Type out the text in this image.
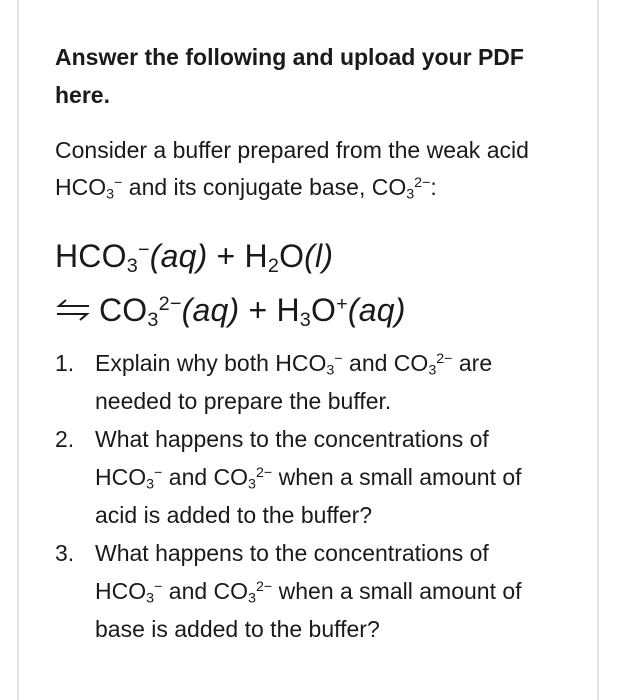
Answer the following and upload your PDF here.

Consider a buffer prepared from the weak acid $HCO_3^-$ and its conjugate base, $CO_3^{2-}$:
$HCO_3^-(aq) + H_2O(l)$
⇌ $CO_3^{2-}(aq) + H_3O^+(aq)$
1. Explain why both $HCO_3^-$ and $CO_3^{2-}$ are needed to prepare the buffer.
2. What happens to the concentrations of $HCO_3^-$ and $CO_3^{2-}$ when a small amount of acid is added to the buffer?
3. What happens to the concentrations of $HCO_3^-$ and $CO_3^{2-}$ when a small amount of base is added to the buffer?
